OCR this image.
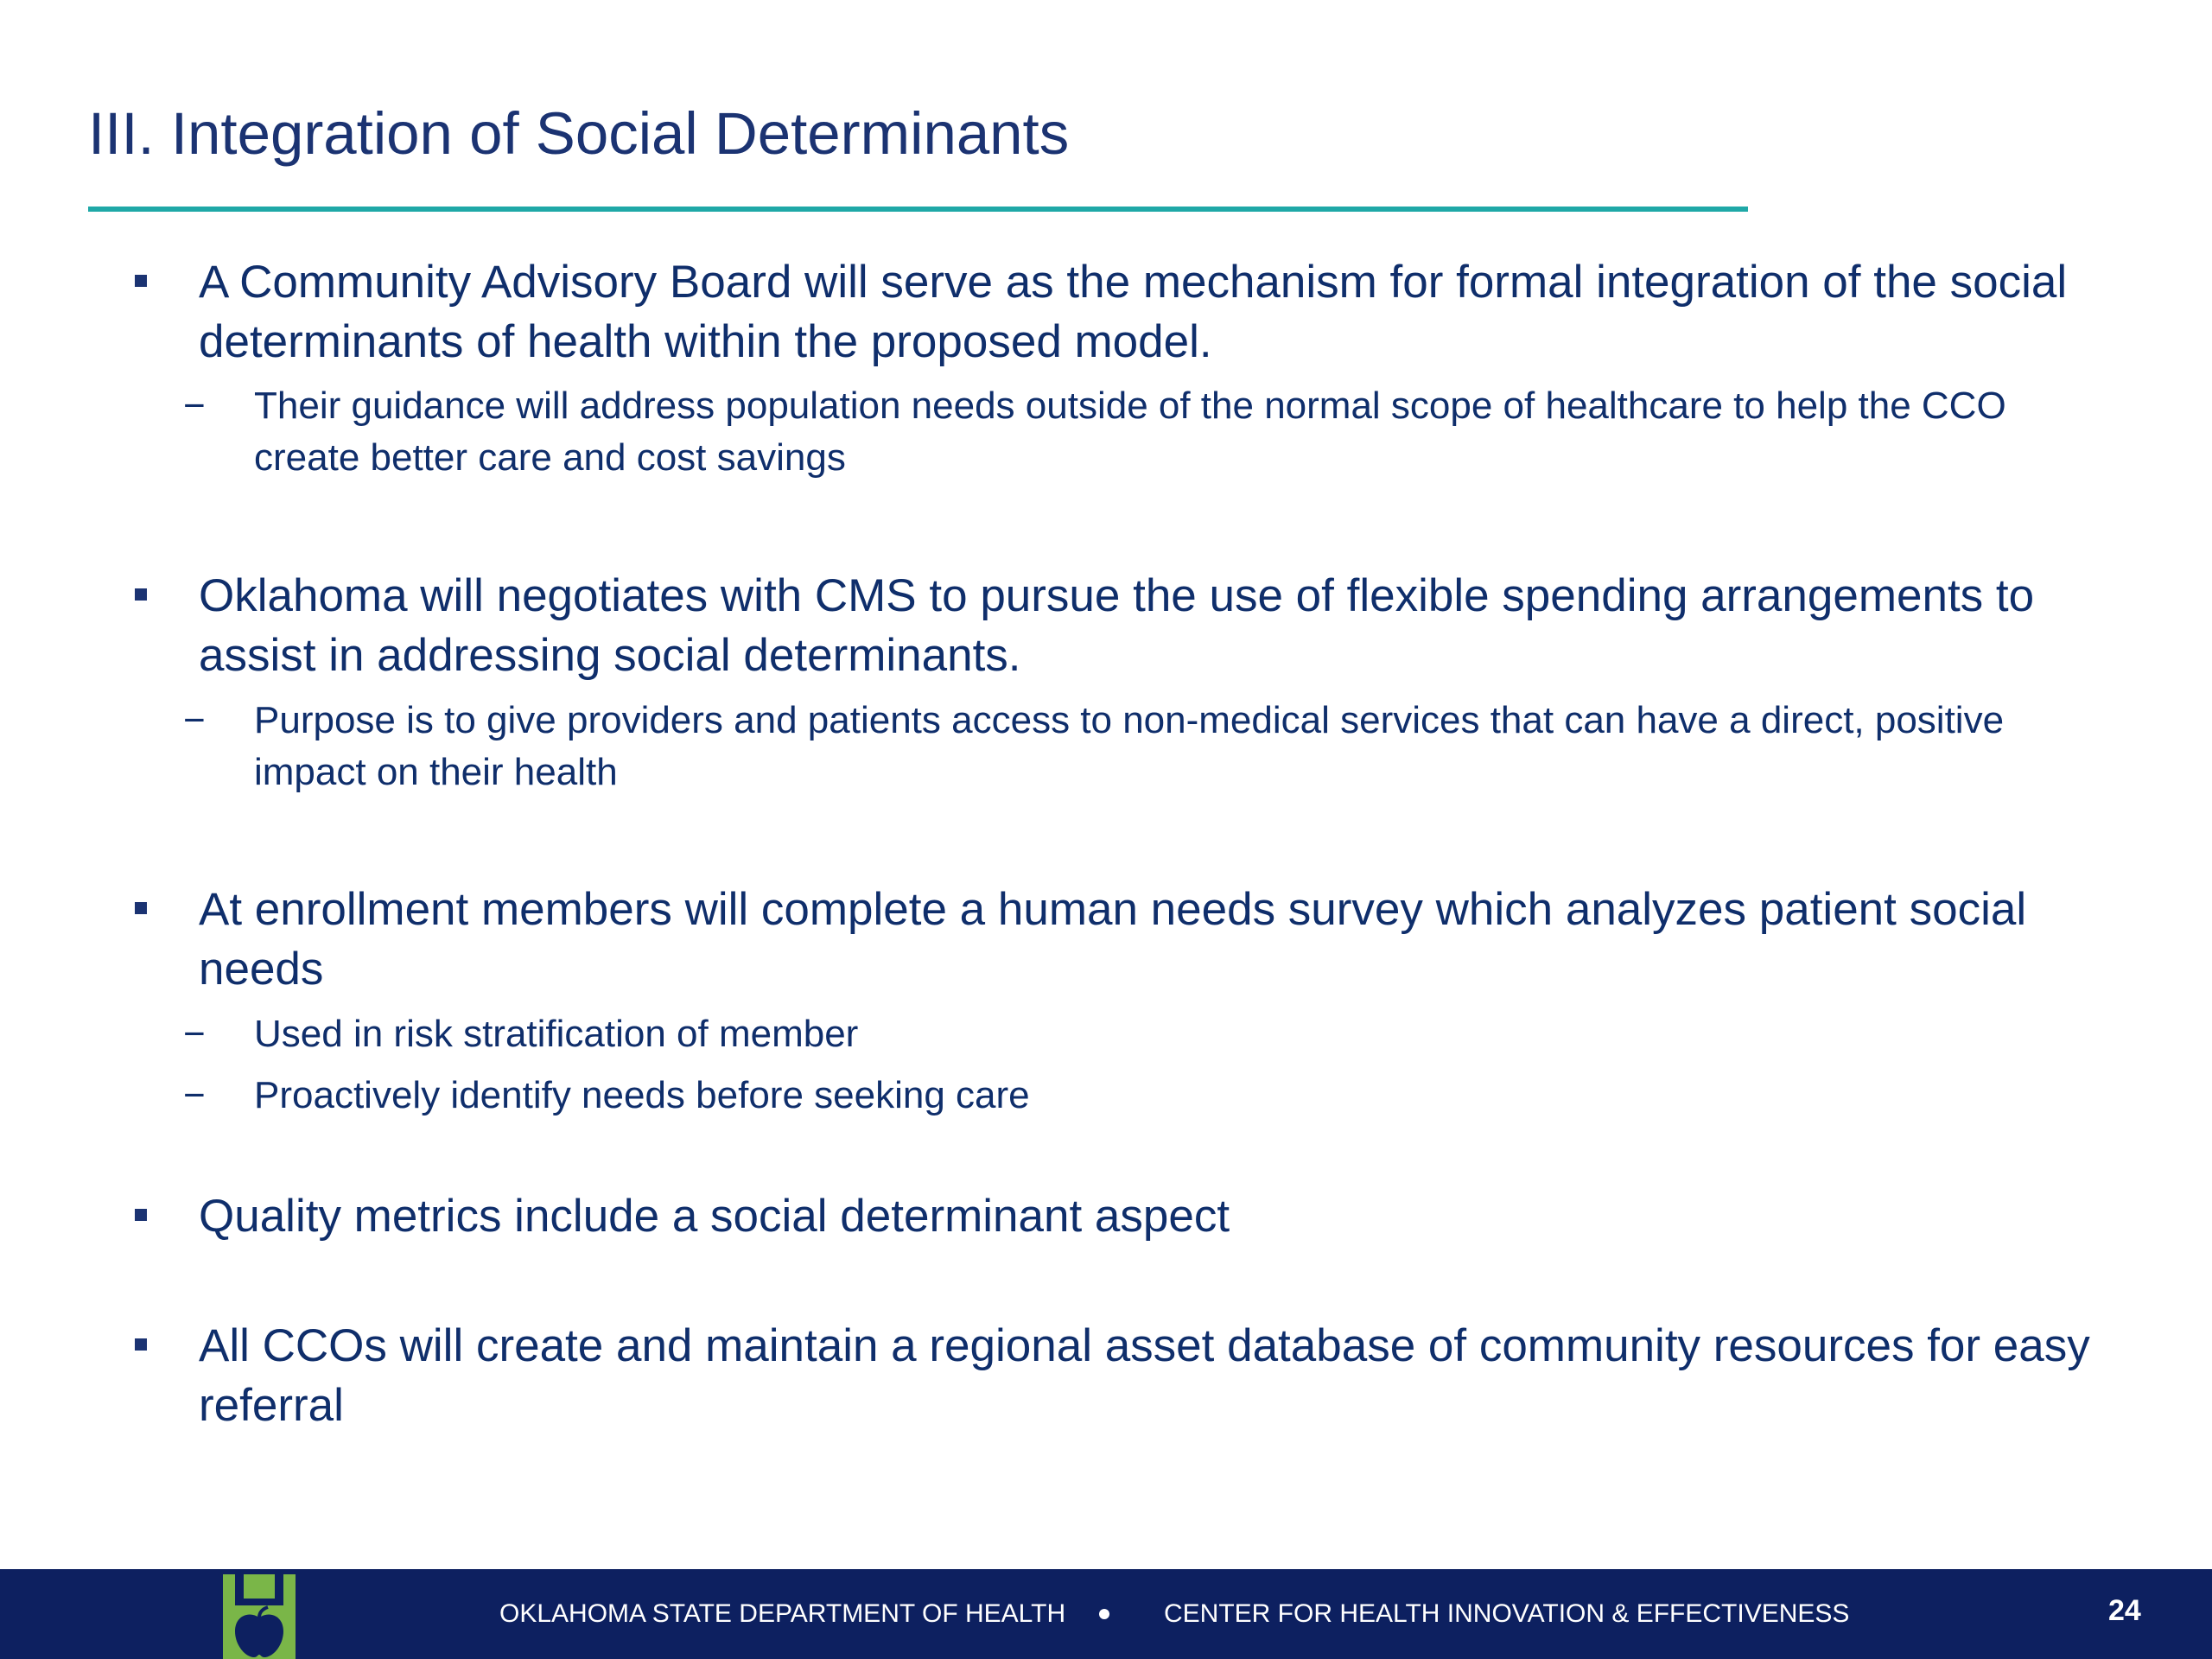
III. Integration of Social Determinants
A Community Advisory Board will serve as the mechanism for formal integration of the social determinants of health within the proposed model.
− Their guidance will address population needs outside of the normal scope of healthcare to help the CCO create better care and cost savings
Oklahoma will negotiates with CMS to pursue the use of flexible spending arrangements to assist in addressing social determinants.
− Purpose is to give providers and patients access to non-medical services that can have a direct, positive impact on their health
At enrollment members will complete a human needs survey which analyzes patient social needs
− Used in risk stratification of member
− Proactively identify needs before seeking care
Quality metrics include a social determinant aspect
All CCOs will create and maintain a regional asset database of community resources for easy referral
OKLAHOMA STATE DEPARTMENT OF HEALTH	CENTER FOR HEALTH INNOVATION & EFFECTIVENESS	24
